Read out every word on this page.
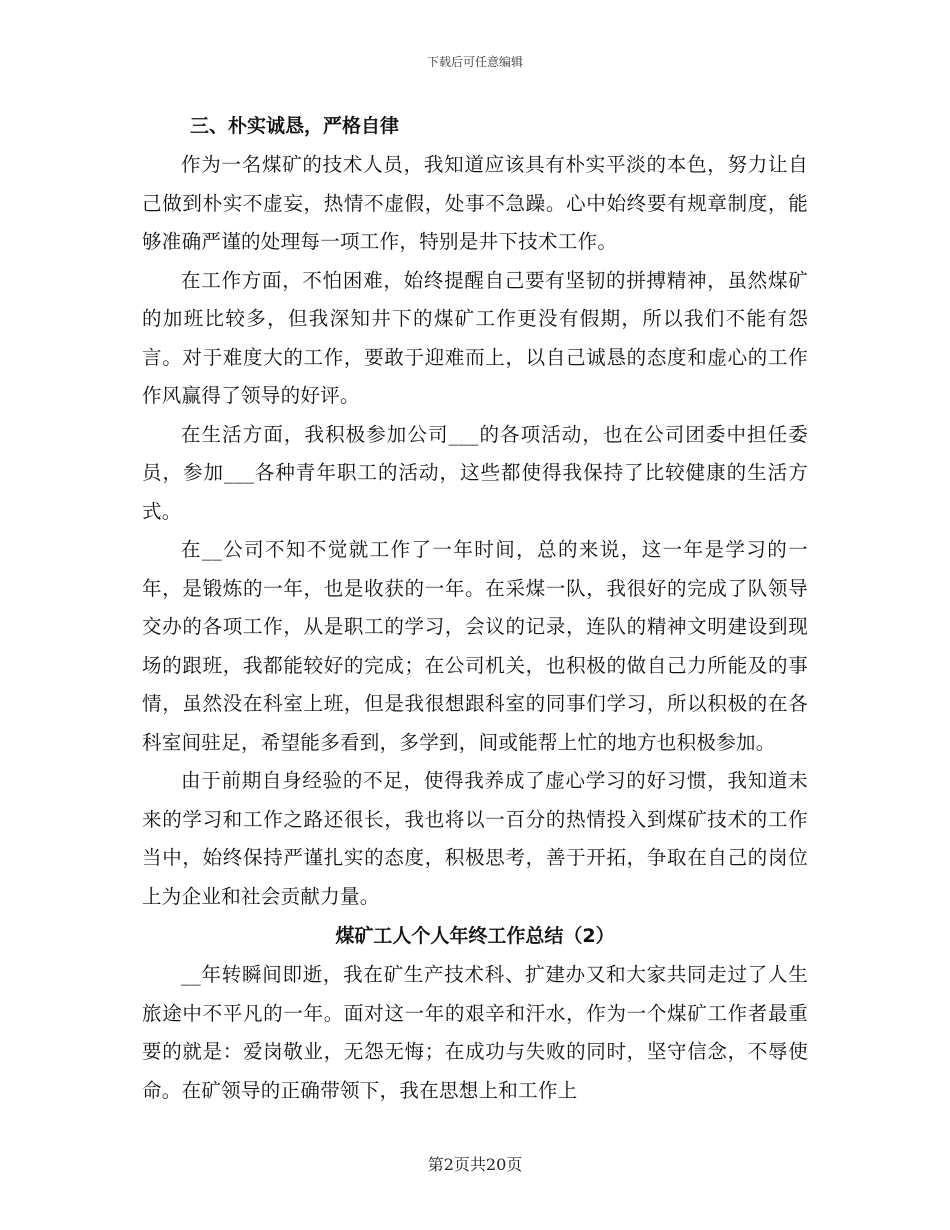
下载后可任意编辑
三、朴实诚恳，严格自律

作为一名煤矿的技术人员，我知道应该具有朴实平淡的本色，努力让自己做到朴实不虚妄，热情不虚假，处事不急躁。心中始终要有规章制度，能够准确严谨的处理每一项工作，特别是井下技术工作。

在工作方面，不怕困难，始终提醒自己要有坚韧的拼搏精神，虽然煤矿的加班比较多，但我深知井下的煤矿工作更没有假期，所以我们不能有怨言。对于难度大的工作，要敢于迎难而上，以自己诚恳的态度和虚心的工作作风赢得了领导的好评。

在生活方面，我积极参加公司___的各项活动，也在公司团委中担任委员，参加___各种青年职工的活动，这些都使得我保持了比较健康的生活方式。

在__公司不知不觉就工作了一年时间，总的来说，这一年是学习的一年，是锻炼的一年，也是收获的一年。在采煤一队，我很好的完成了队领导交办的各项工作，从是职工的学习，会议的记录，连队的精神文明建设到现场的跟班，我都能较好的完成；在公司机关，也积极的做自己力所能及的事情，虽然没在科室上班，但是我很想跟科室的同事们学习，所以积极的在各科室间驻足，希望能多看到，多学到，间或能帮上忙的地方也积极参加。

由于前期自身经验的不足，使得我养成了虚心学习的好习惯，我知道未来的学习和工作之路还很长，我也将以一百分的热情投入到煤矿技术的工作当中，始终保持严谨扎实的态度，积极思考，善于开拓，争取在自己的岗位上为企业和社会贡献力量。

煤矿工人个人年终工作总结（2）

__年转瞬间即逝，我在矿生产技术科、扩建办又和大家共同走过了人生旅途中不平凡的一年。面对这一年的艰辛和汗水，作为一个煤矿工作者最重要的就是：爱岗敬业，无怨无悔；在成功与失败的同时，坚守信念，不辱使命。在矿领导的正确带领下，我在思想上和工作上

第2页共20页
